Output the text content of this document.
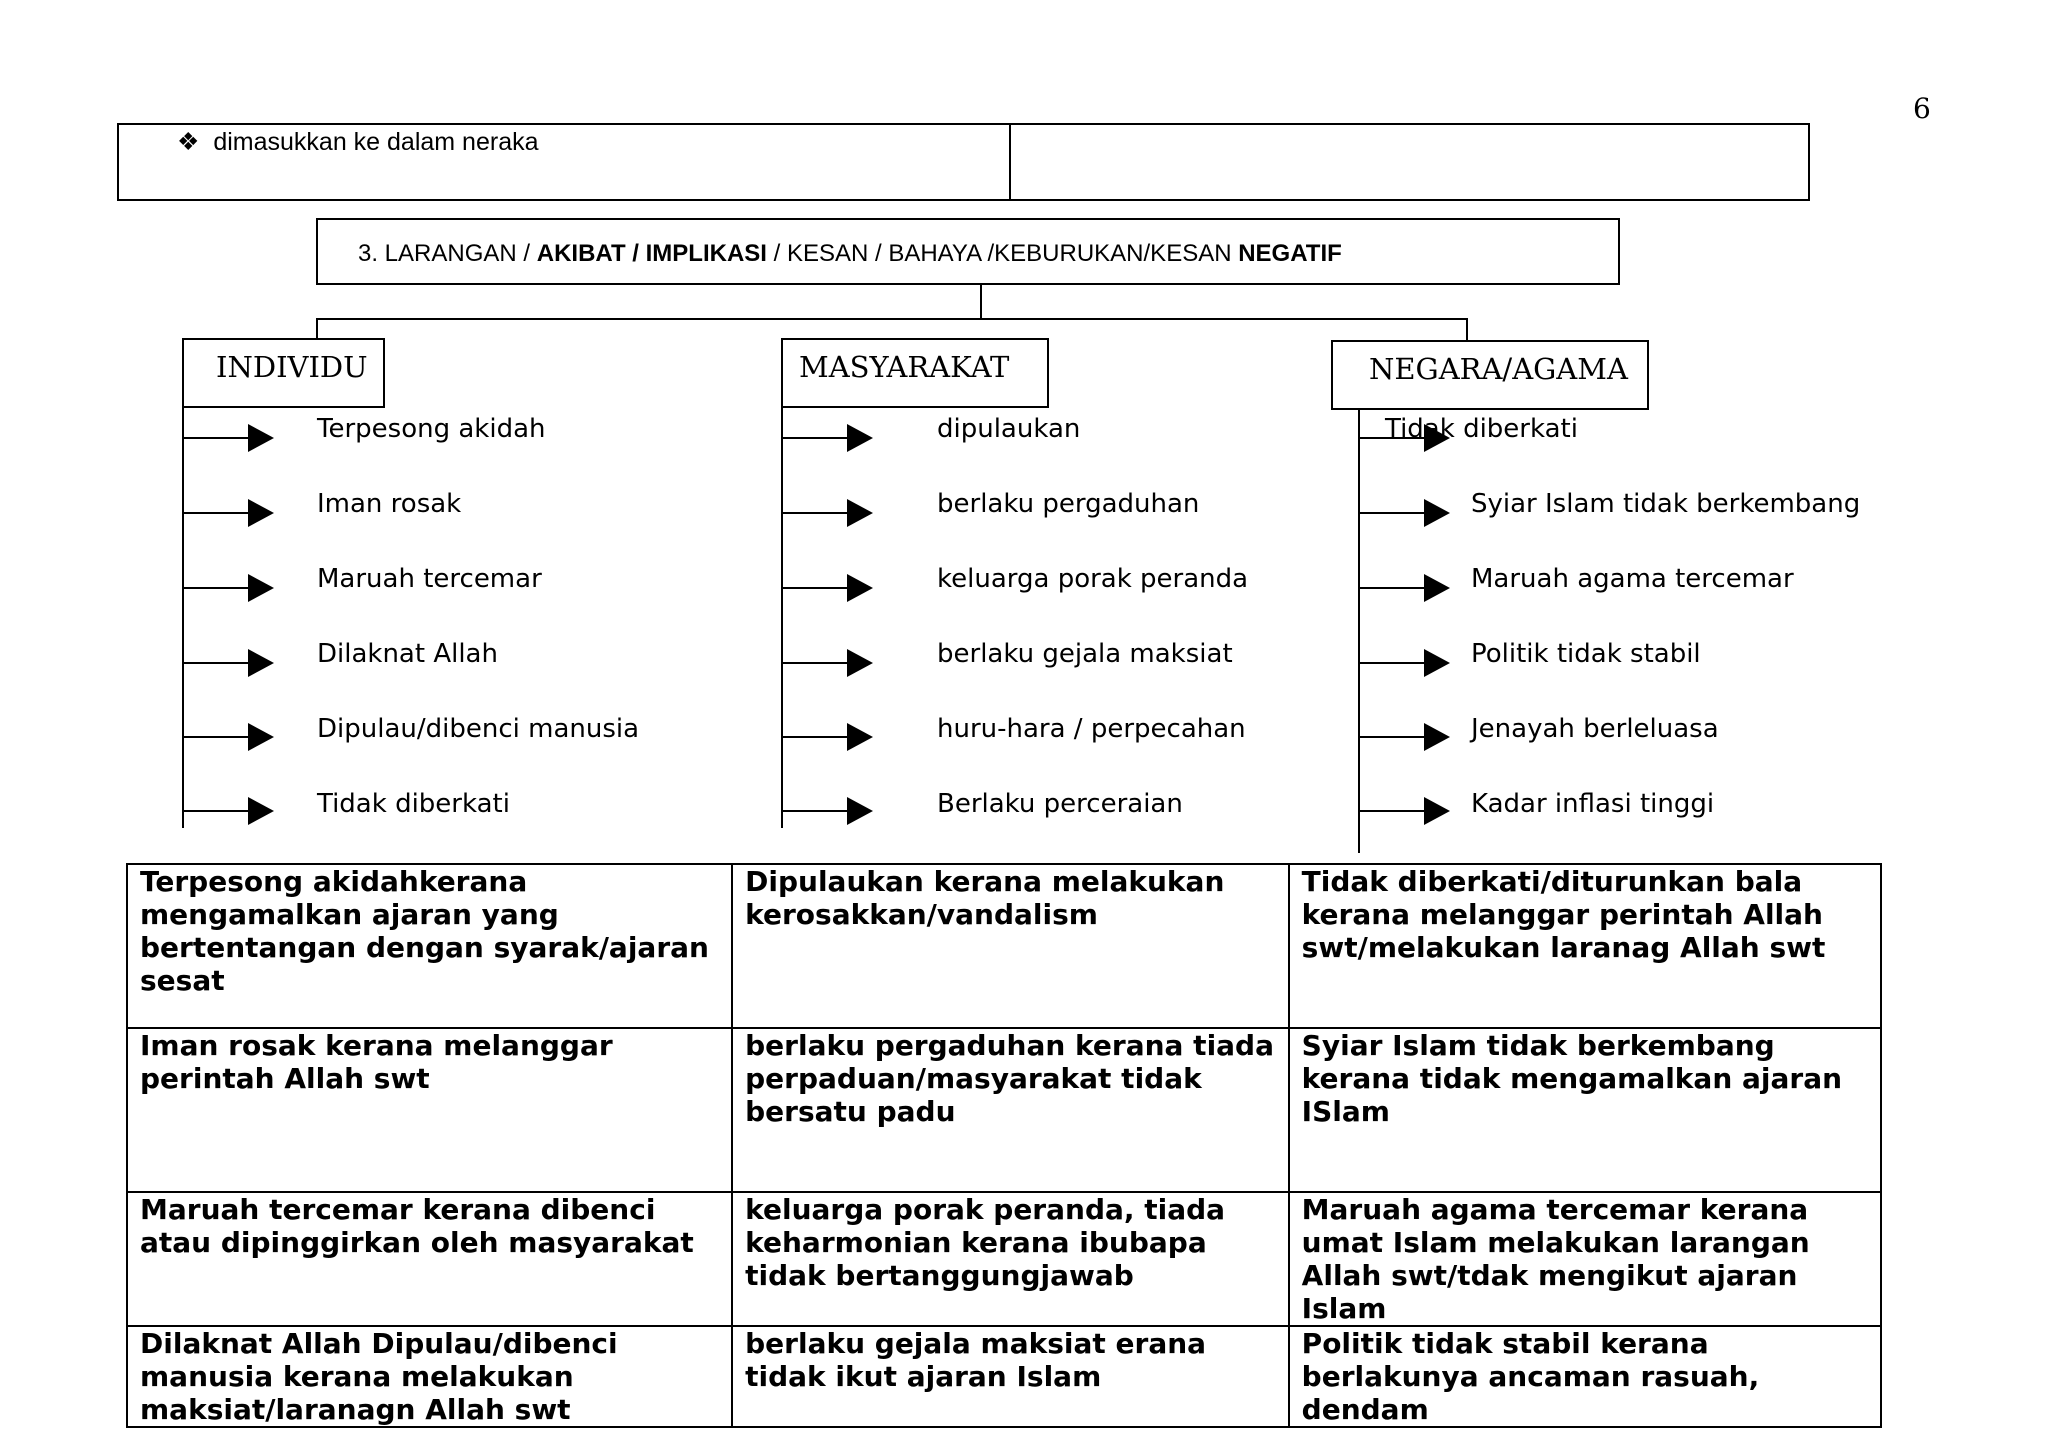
6
❖ dimasukkan ke dalam neraka
3. LARANGAN / AKIBAT / IMPLIKASI / KESAN / BAHAYA /KEBURUKAN/KESAN NEGATIF
INDIVIDU	MASYARAKAT	NEGARA/AGAMA
Terpesong akidah
Iman rosak
Maruah tercemar
Dilaknat Allah
Dipulau/dibenci manusia
Tidak diberkati
dipulaukan
berlaku pergaduhan
keluarga porak peranda
berlaku gejala maksiat
huru-hara / perpecahan
Berlaku perceraian
Tidak diberkati
Syiar Islam tidak berkembang
Maruah agama tercemar
Politik tidak stabil
Jenayah berleluasa
Kadar inflasi tinggi
Terpesong akidahkerana mengamalkan ajaran yang bertentangan dengan syarak/ajaran sesat	Dipulaukan kerana melakukan kerosakkan/vandalism	Tidak diberkati/diturunkan bala kerana melanggar perintah Allah swt/melakukan laranag Allah swt
Iman rosak kerana melanggar perintah Allah swt	berlaku pergaduhan kerana tiada perpaduan/masyarakat tidak bersatu padu	Syiar Islam tidak berkembang kerana tidak mengamalkan ajaran ISlam
Maruah tercemar kerana dibenci atau dipinggirkan oleh masyarakat	keluarga porak peranda, tiada keharmonian kerana ibubapa tidak bertanggungjawab	Maruah agama tercemar kerana umat Islam melakukan larangan Allah swt/tdak mengikut ajaran Islam
Dilaknat Allah Dipulau/dibenci manusia kerana melakukan maksiat/laranagn Allah swt	berlaku gejala maksiat erana tidak ikut ajaran Islam	Politik tidak stabil kerana berlakunya ancaman rasuah, dendam
